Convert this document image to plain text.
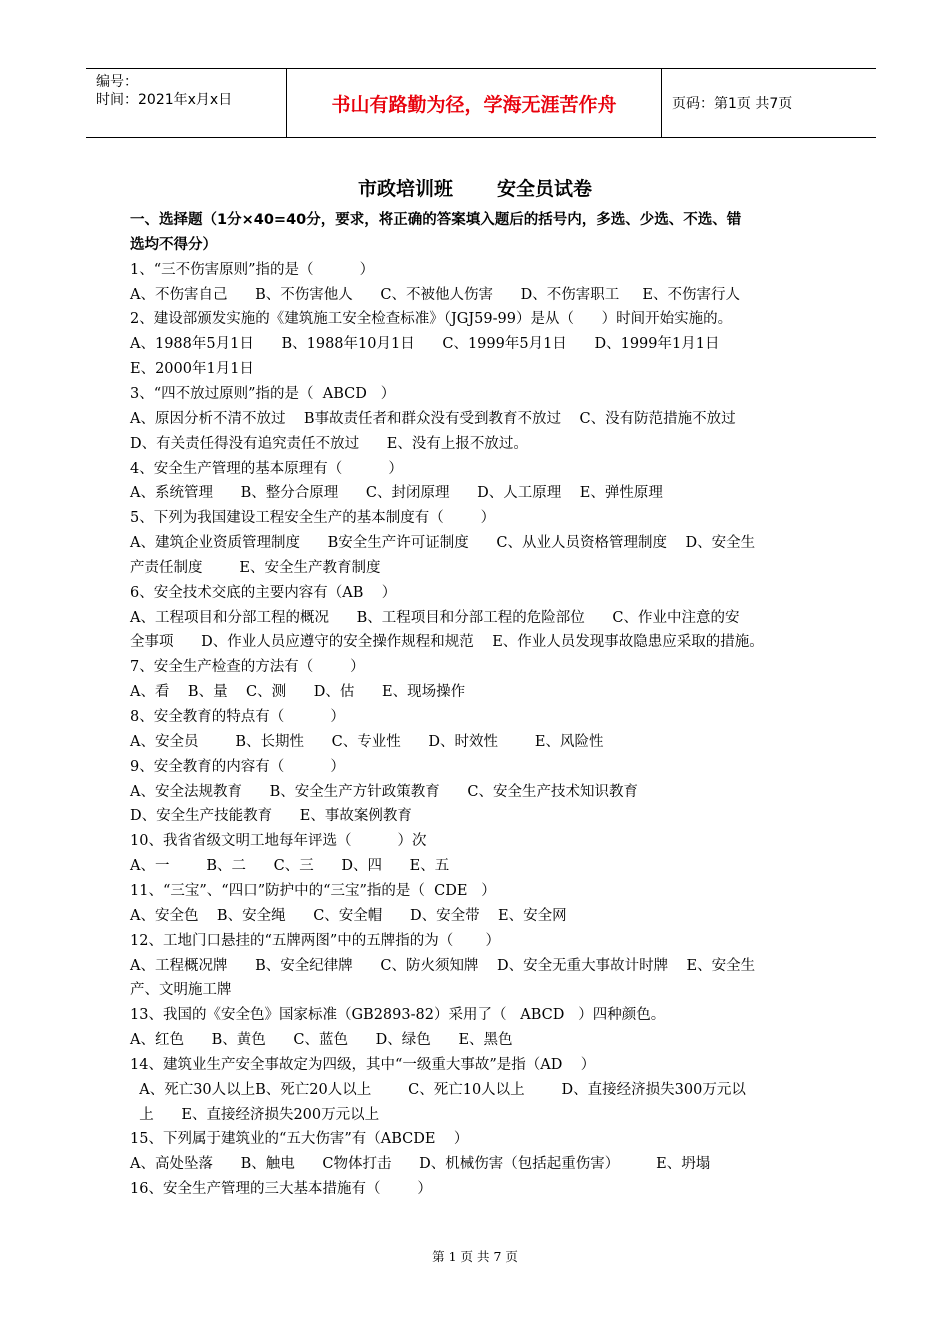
编号：
时间：2021年x月x日	书山有路勤为径，学海无涯苦作舟	页码：第1页 共7页
市政培训班 安全员试卷
一、选择题（1分×40=40分，要求，将正确的答案填入题后的括号内，多选、少选、不选、错
选均不得分）
1、“三不伤害原则”指的是（          ）
A、不伤害自己      B、不伤害他人      C、不被他人伤害      D、不伤害职工     E、不伤害行人
2、建设部颁发实施的《建筑施工安全检查标准》（JGJ59-99）是从（      ）时间开始实施的。
A、1988年5月1日      B、1988年10月1日      C、1999年5月1日      D、1999年1月1日
E、2000年1月1日
3、“四不放过原则”指的是（  ABCD   ）
A、原因分析不清不放过    B事故责任者和群众没有受到教育不放过    C、没有防范措施不放过
D、有关责任得没有追究责任不放过      E、没有上报不放过。
4、安全生产管理的基本原理有（          ）
A、系统管理      B、整分合原理      C、封闭原理      D、人工原理    E、弹性原理
5、下列为我国建设工程安全生产的基本制度有（        ）
A、建筑企业资质管理制度      B安全生产许可证制度      C、从业人员资格管理制度    D、安全生
产责任制度        E、安全生产教育制度
6、安全技术交底的主要内容有（AB    ）
A、工程项目和分部工程的概况      B、工程项目和分部工程的危险部位      C、作业中注意的安
全事项      D、作业人员应遵守的安全操作规程和规范    E、作业人员发现事故隐患应采取的措施。
7、安全生产检查的方法有（        ）
A、看    B、量    C、测      D、估      E、现场操作
8、安全教育的特点有（          ）
A、安全员        B、长期性      C、专业性      D、时效性        E、风险性
9、安全教育的内容有（          ）
A、安全法规教育      B、安全生产方针政策教育      C、安全生产技术知识教育
D、安全生产技能教育      E、事故案例教育
10、我省省级文明工地每年评选（          ）次
A、一        B、二      C、三      D、四      E、五
11、“三宝”、“四口”防护中的“三宝”指的是（  CDE   ）
A、安全色    B、安全绳      C、安全帽      D、安全带    E、安全网
12、工地门口悬挂的“五牌两图”中的五牌指的为（       ）
A、工程概况牌      B、安全纪律牌      C、防火须知牌    D、安全无重大事故计时牌    E、安全生
产、文明施工牌
13、我国的《安全色》国家标准（GB2893-82）采用了（   ABCD   ）四种颜色。
A、红色      B、黄色      C、蓝色      D、绿色      E、黑色
14、建筑业生产安全事故定为四级，其中“一级重大事故”是指（AD    ）
A、死亡30人以上B、死亡20人以上        C、死亡10人以上        D、直接经济损失300万元以
上      E、直接经济损失200万元以上
15、下列属于建筑业的“五大伤害”有（ABCDE    ）
A、高处坠落      B、触电      C物体打击      D、机械伤害（包括起重伤害）        E、坍塌
16、安全生产管理的三大基本措施有（        ）
第 1 页 共 7 页
